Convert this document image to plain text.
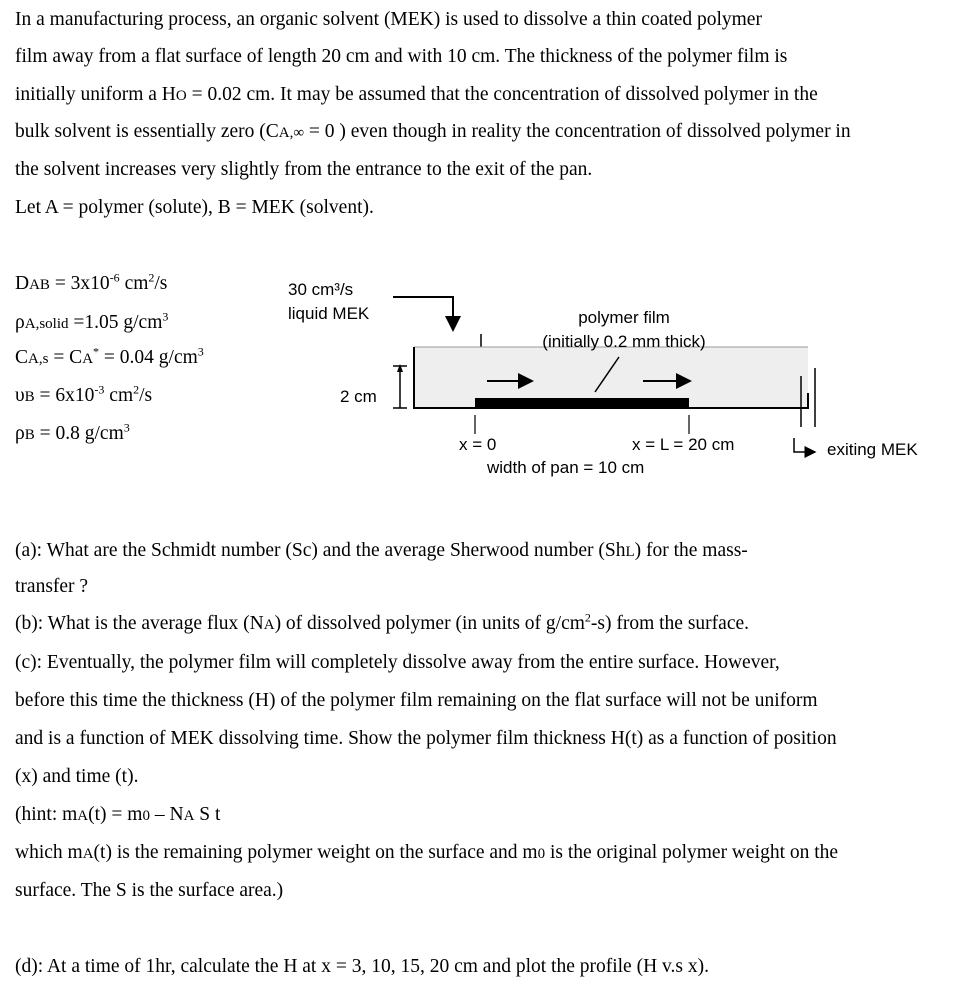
In a manufacturing process, an organic solvent (MEK) is used to dissolve a thin coated polymer
film away from a flat surface of length 20 cm and with 10 cm. The thickness of the polymer film is
initially uniform a HO = 0.02 cm. It may be assumed that the concentration of dissolved polymer in the
bulk solvent is essentially zero (CA,∞ = 0 ) even though in reality the concentration of dissolved polymer in
the solvent increases very slightly from the entrance to the exit of the pan.
Let A = polymer (solute), B = MEK (solvent).
DAB = $3x10^{-6}$ $cm^2/s$
ρA,solid =1.05 $g/cm^3$
CA,s = CA* = 0.04 $g/cm^3$
$\upsilon B = 6x10^{-3}$ $cm^2/s$
ρB = 0.8 $g/cm^3$
30 cm³/s
liquid MEK	polymer film
(initially 0.2 mm thick)
2 cm
x = 0	x = L = 20 cm
width of pan = 10 cm
exiting MEK
(a): What are the Schmidt number (Sc) and the average Sherwood number (ShL) for the mass-
transfer ?
(b): What is the average flux (NA) of dissolved polymer (in units of $g/cm^2-s$) from the surface.
(c): Eventually, the polymer film will completely dissolve away from the entire surface. However,
before this time the thickness (H) of the polymer film remaining on the flat surface will not be uniform
and is a function of MEK dissolving time. Show the polymer film thickness H(t) as a function of position
(x) and time (t).
(hint: mA(t) = m0 – NA S t
which mA(t) is the remaining polymer weight on the surface and m0 is the original polymer weight on the
surface. The S is the surface area.)
(d): At a time of 1hr, calculate the H at x = 3, 10, 15, 20 cm and plot the profile (H v.s x).
